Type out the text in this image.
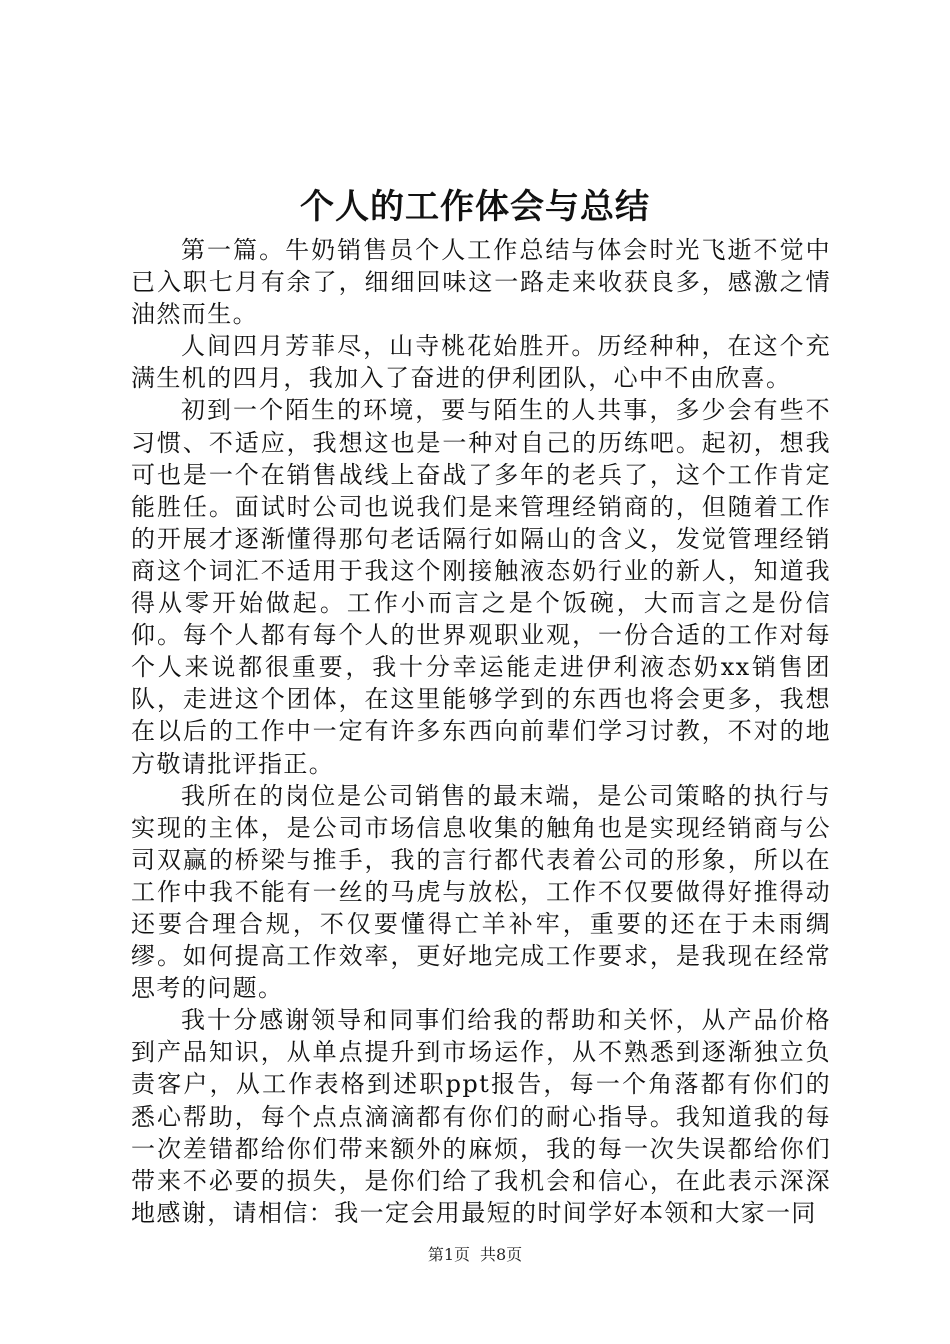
个人的工作体会与总结

第一篇。牛奶销售员个人工作总结与体会时光飞逝不觉中已入职七月有余了，细细回味这一路走来收获良多，感激之情油然而生。

人间四月芳菲尽，山寺桃花始胜开。历经种种，在这个充满生机的四月，我加入了奋进的伊利团队，心中不由欣喜。

初到一个陌生的环境，要与陌生的人共事，多少会有些不习惯、不适应，我想这也是一种对自己的历练吧。起初，想我可也是一个在销售战线上奋战了多年的老兵了，这个工作肯定能胜任。面试时公司也说我们是来管理经销商的，但随着工作的开展才逐渐懂得那句老话隔行如隔山的含义，发觉管理经销商这个词汇不适用于我这个刚接触液态奶行业的新人，知道我得从零开始做起。工作小而言之是个饭碗，大而言之是份信仰。每个人都有每个人的世界观职业观，一份合适的工作对每个人来说都很重要，我十分幸运能走进伊利液态奶xx销售团队，走进这个团体，在这里能够学到的东西也将会更多，我想在以后的工作中一定有许多东西向前辈们学习讨教，不对的地方敬请批评指正。

我所在的岗位是公司销售的最末端，是公司策略的执行与实现的主体，是公司市场信息收集的触角也是实现经销商与公司双赢的桥梁与推手，我的言行都代表着公司的形象，所以在工作中我不能有一丝的马虎与放松，工作不仅要做得好推得动还要合理合规，不仅要懂得亡羊补牢，重要的还在于未雨绸缪。如何提高工作效率，更好地完成工作要求，是我现在经常思考的问题。

我十分感谢领导和同事们给我的帮助和关怀，从产品价格到产品知识，从单点提升到市场运作，从不熟悉到逐渐独立负责客户，从工作表格到述职ppt报告，每一个角落都有你们的悉心帮助，每个点点滴滴都有你们的耐心指导。我知道我的每一次差错都给你们带来额外的麻烦，我的每一次失误都给你们带来不必要的损失，是你们给了我机会和信心，在此表示深深地感谢，请相信：我一定会用最短的时间学好本领和大家一同

第1页 共8页
